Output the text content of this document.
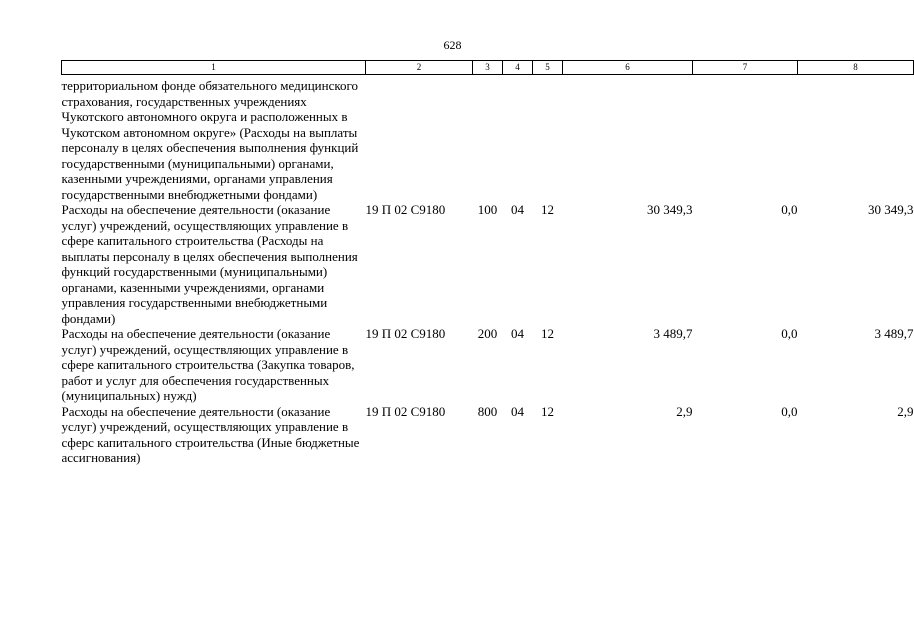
628
1	2	3	4	5	6	7	8
территориальном фонде обязательного медицинского страхования, государственных учреждениях Чукотского автономного округа и расположенных в Чукотском автономном округе» (Расходы на выплаты персоналу в целях обеспечения выполнения функций государственными (муниципальными) органами, казенными учреждениями, органами управления государственными внебюджетными фондами)							
Расходы на обеспечение деятельности (оказание услуг) учреждений, осуществляющих управление в сфере капитального строительства (Расходы на выплаты персоналу в целях обеспечения выполнения функций государственными (муниципальными) органами, казенными учреждениями, органами управления государственными внебюджетными фондами)	19 П 02 С9180	100	04	12	30 349,3	0,0	30 349,3
Расходы на обеспечение деятельности (оказание услуг) учреждений, осуществляющих управление в сфере капитального строительства (Закупка товаров, работ и услуг для обеспечения государственных (муниципальных) нужд)	19 П 02 С9180	200	04	12	3 489,7	0,0	3 489,7
Расходы на обеспечение деятельности (оказание услуг) учреждений, осуществляющих управление в сферс капитального строительства (Иные бюджетные ассигнования)	19 П 02 С9180	800	04	12	2,9	0,0	2,9
